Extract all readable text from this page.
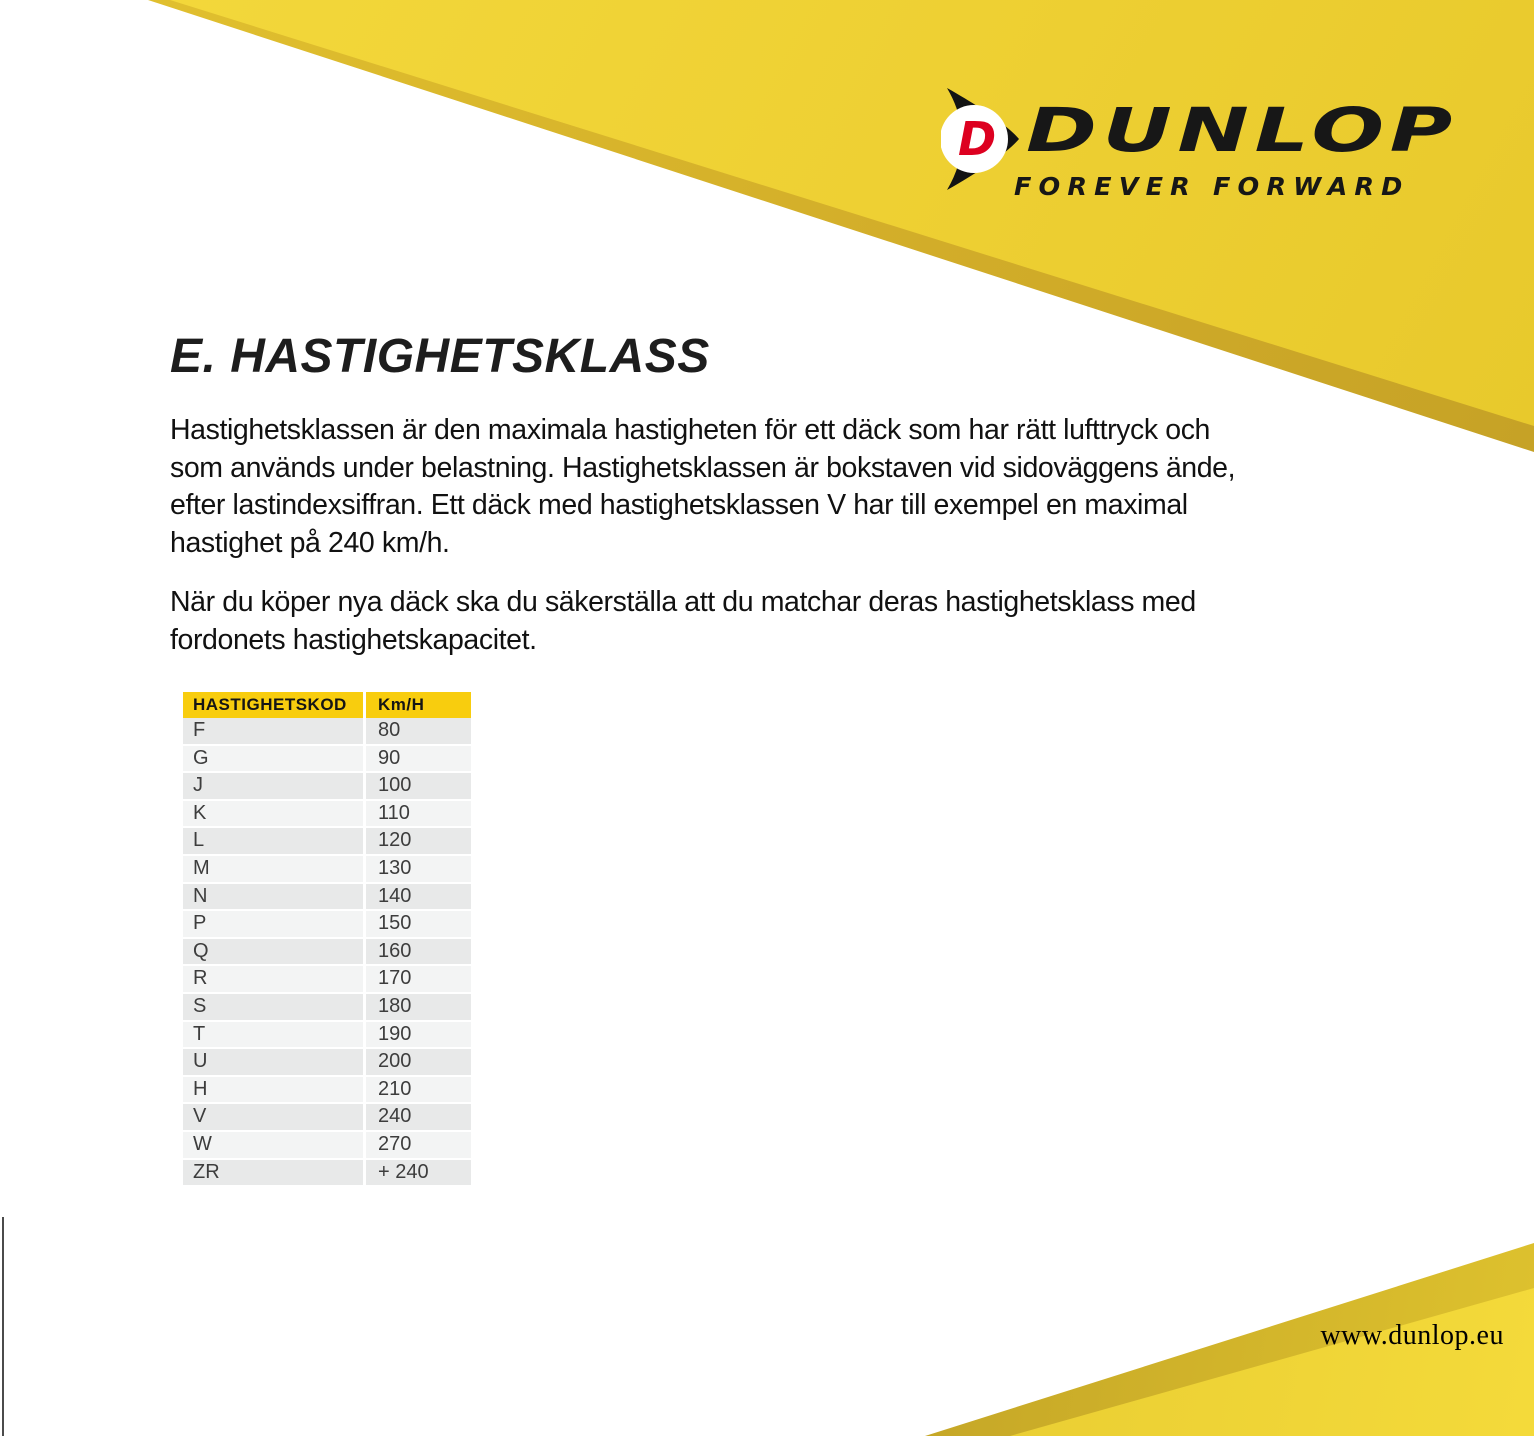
D DUNLOP
FOREVER FORWARD
E. HASTIGHETSKLASS
Hastighetsklassen är den maximala hastigheten för ett däck som har rätt lufttryck och
som används under belastning. Hastighetsklassen är bokstaven vid sidoväggens ände,
efter lastindexsiffran. Ett däck med hastighetsklassen V har till exempel en maximal
hastighet på 240 km/h.
När du köper nya däck ska du säkerställa att du matchar deras hastighetsklass med
fordonets hastighetskapacitet.
HASTIGHETSKOD	Km/H
F	80
G	90
J	100
K	110
L	120
M	130
N	140
P	150
Q	160
R	170
S	180
T	190
U	200
H	210
V	240
W	270
ZR	+ 240
www.dunlop.eu
